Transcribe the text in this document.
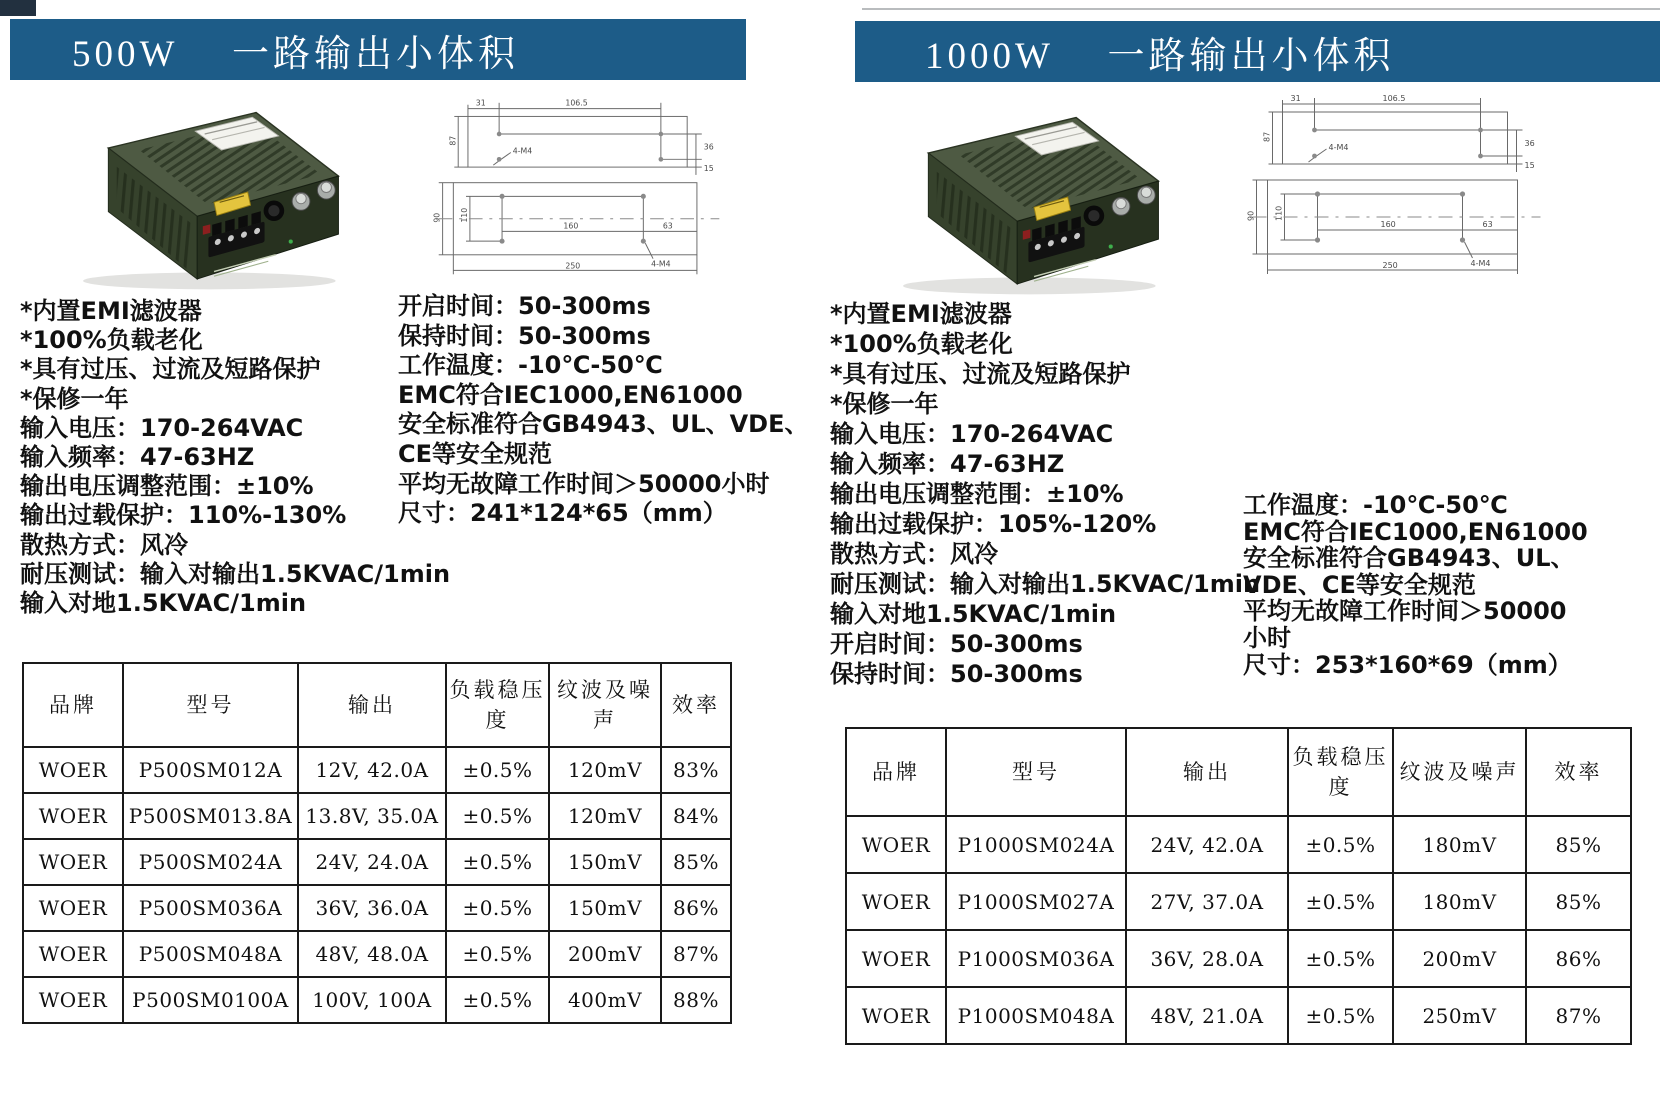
500W　 一路输出小体积
31	106.5
4-M4
87
36
15
110
90
160	63
4-M4
250
*内置EMI滤波器
*100%负载老化
*具有过压、过流及短路保护
*保修一年
输入电压：170-264VAC
输入频率：47-63HZ
输出电压调整范围：±10%
输出过载保护：110%-130%
散热方式：风冷
耐压测试：输入对输出1.5KVAC/1min
输入对地1.5KVAC/1min
开启时间：50-300ms
保持时间：50-300ms
工作温度：-10℃-50℃
EMC符合IEC1000,EN61000
安全标准符合GB4943、UL、VDE、
CE等安全规范
平均无故障工作时间＞50000小时
尺寸：241*124*65（mm）
品牌	型号	输出	负载稳压度	纹波及噪声	效率
WOER	P500SM012A	12V, 42.0A	±0.5%	120mV	83%
WOER	P500SM013.8A	13.8V, 35.0A	±0.5%	120mV	84%
WOER	P500SM024A	24V, 24.0A	±0.5%	150mV	85%
WOER	P500SM036A	36V, 36.0A	±0.5%	150mV	86%
WOER	P500SM048A	48V, 48.0A	±0.5%	200mV	87%
WOER	P500SM0100A	100V, 100A	±0.5%	400mV	88%
1000W　 一路输出小体积
31	106.5
4-M4
87
36
15
110
90
160	63
4-M4
250
*内置EMI滤波器
*100%负载老化
*具有过压、过流及短路保护
*保修一年
输入电压：170-264VAC
输入频率：47-63HZ
输出电压调整范围：±10%
输出过载保护：105%-120%
散热方式：风冷
耐压测试：输入对输出1.5KVAC/1min
输入对地1.5KVAC/1min
开启时间：50-300ms
保持时间：50-300ms
工作温度：-10℃-50℃
EMC符合IEC1000,EN61000
安全标准符合GB4943、UL、
VDE、CE等安全规范
平均无故障工作时间＞50000
小时
尺寸：253*160*69（mm）
品牌	型号	输出	负载稳压度	纹波及噪声	效率
WOER	P1000SM024A	24V, 42.0A	±0.5%	180mV	85%
WOER	P1000SM027A	27V, 37.0A	±0.5%	180mV	85%
WOER	P1000SM036A	36V, 28.0A	±0.5%	200mV	86%
WOER	P1000SM048A	48V, 21.0A	±0.5%	250mV	87%
